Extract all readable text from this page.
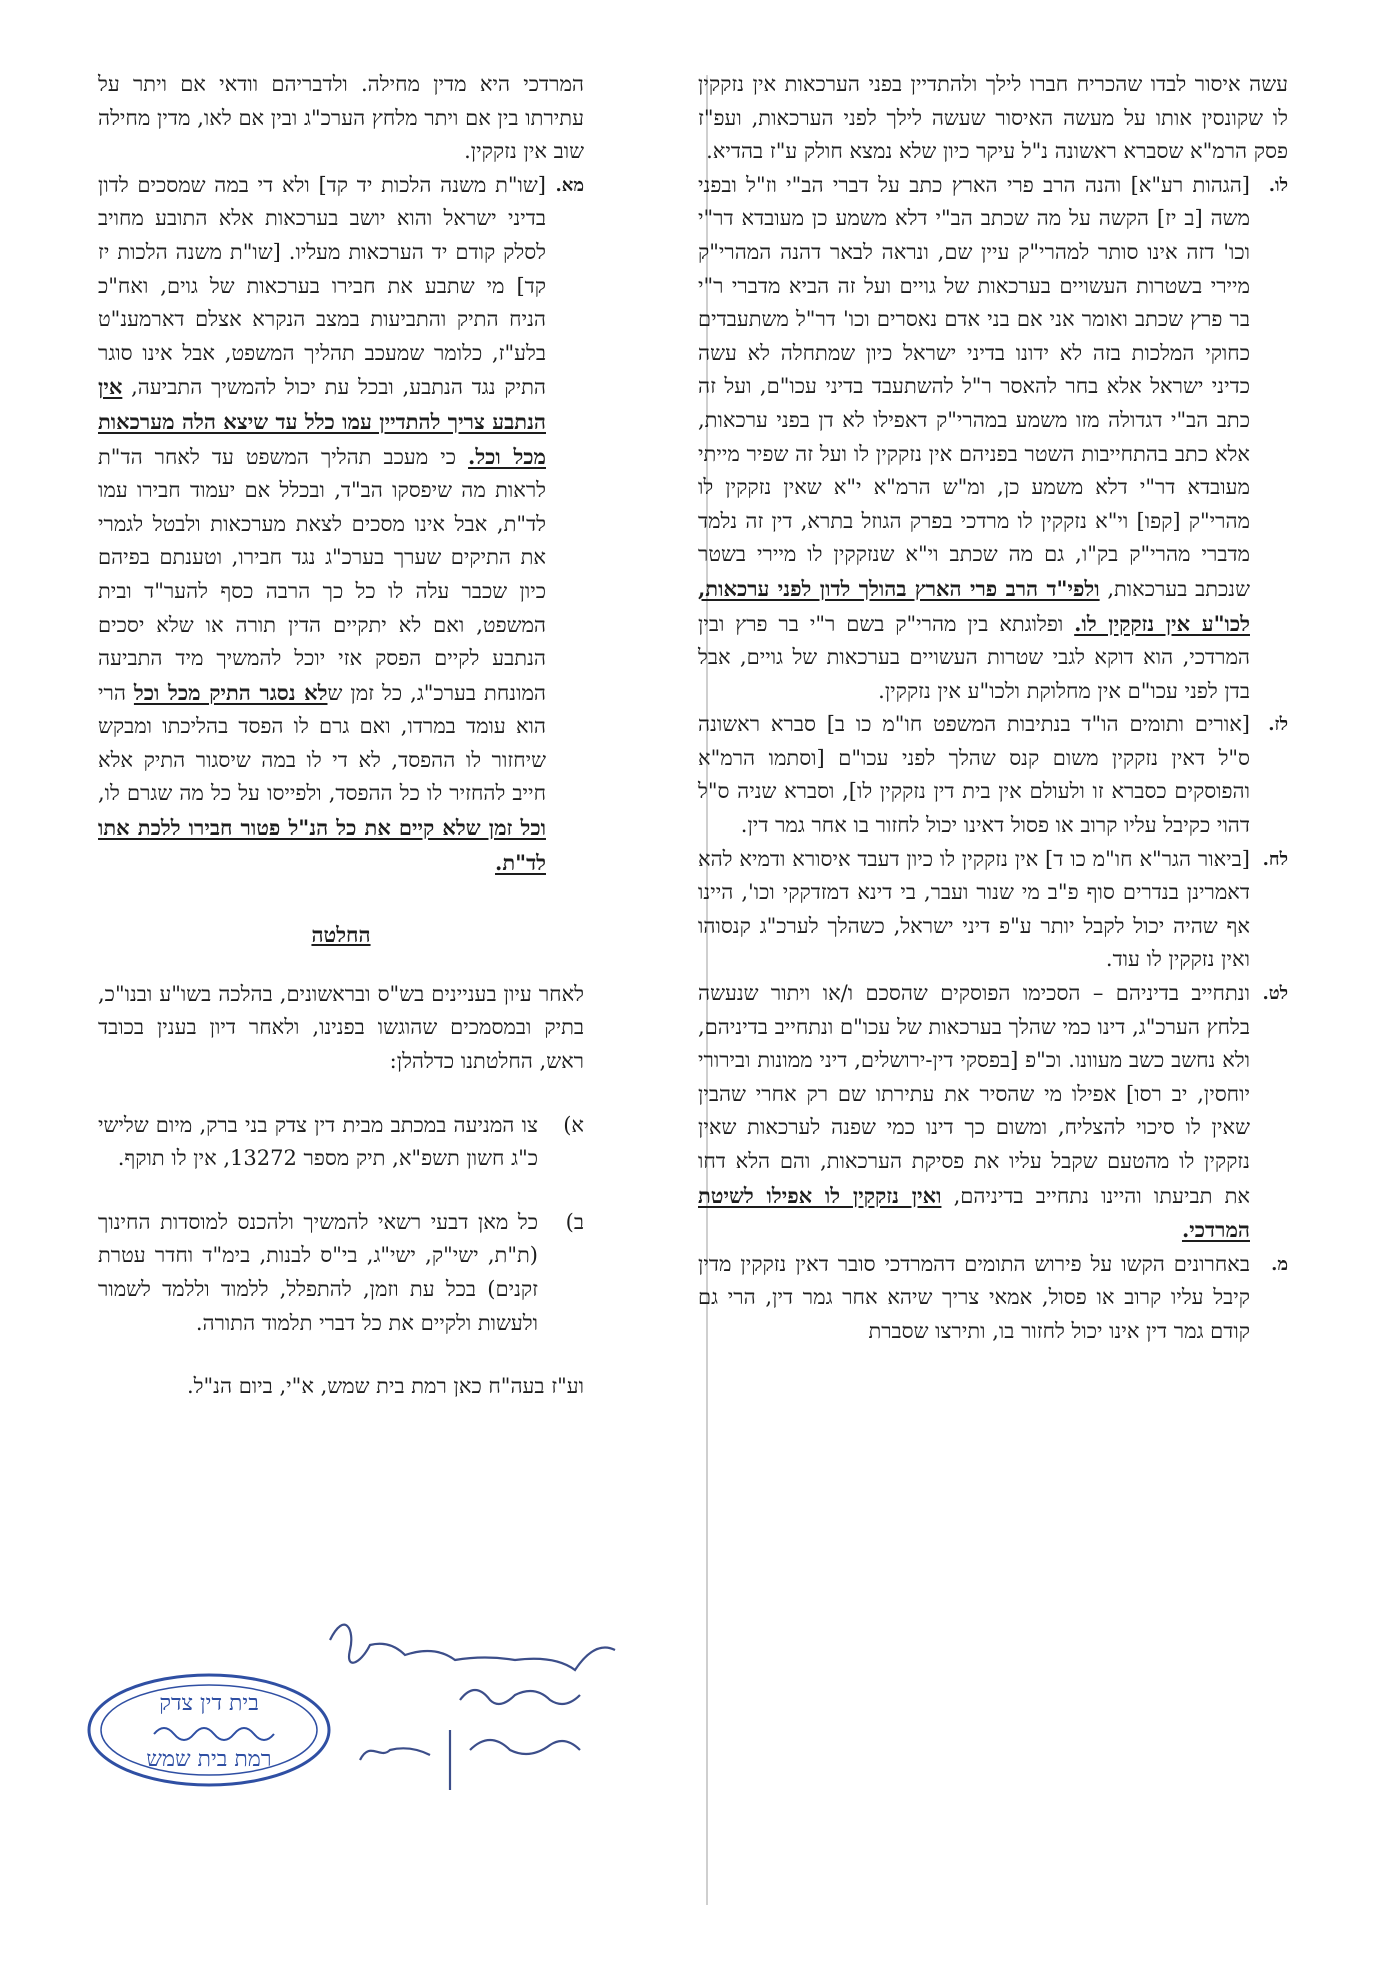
עשה איסור לבדו שהכריח חברו לילך ולהתדיין בפני הערכאות אין נזקקין לו שקונסין אותו על מעשה האיסור שעשה לילך לפני הערכאות, ועפ"ז פסק הרמ"א שסברא ראשונה נ"ל עיקר כיון שלא נמצא חולק ע"ז בהדיא.
לו.
[הגהות רע"א] והנה הרב פרי הארץ כתב על דברי הב"י וז"ל ובפני משה [ב יז] הקשה על מה שכתב הב"י דלא משמע כן מעובדא דר"י וכו' דזה אינו סותר למהרי"ק עיין שם, ונראה לבאר דהנה המהרי"ק מיירי בשטרות העשויים בערכאות של גויים ועל זה הביא מדברי ר"י בר פרץ שכתב ואומר אני אם בני אדם נאסרים וכו' דר"ל משתעבדים כחוקי המלכות בזה לא ידונו בדיני ישראל כיון שמתחלה לא עשה כדיני ישראל אלא בחר להאסר ר"ל להשתעבד בדיני עכו"ם, ועל זה כתב הב"י דגדולה מזו משמע במהרי"ק דאפילו לא דן בפני ערכאות, אלא כתב בהתחייבות השטר בפניהם אין נזקקין לו ועל זה שפיר מייתי מעובדא דר"י דלא משמע כן, ומ"ש הרמ"א י"א שאין נזקקין לו מהרי"ק [קפו] וי"א נזקקין לו מרדכי בפרק הגוזל בתרא, דין זה נלמד מדברי מהרי"ק בק"ו, גם מה שכתב וי"א שנזקקין לו מיירי בשטר שנכתב בערכאות, ולפי"ד הרב פרי הארץ בהולך לדון לפני ערכאות, לכו"ע אין נזקקין לו. ופלוגתא בין מהרי"ק בשם ר"י בר פרץ ובין המרדכי, הוא דוקא לגבי שטרות העשויים בערכאות של גויים, אבל בדן לפני עכו"ם אין מחלוקת ולכו"ע אין נזקקין.
לז.
[אורים ותומים הו"ד בנתיבות המשפט חו"מ כו ב] סברא ראשונה ס"ל דאין נזקקין משום קנס שהלך לפני עכו"ם [וסתמו הרמ"א והפוסקים כסברא זו ולעולם אין בית דין נזקקין לו], וסברא שניה ס"ל דהוי כקיבל עליו קרוב או פסול דאינו יכול לחזור בו אחר גמר דין.
לח.
[ביאור הגר"א חו"מ כו ד] אין נזקקין לו כיון דעבד איסורא ודמיא להא דאמרינן בנדרים סוף פ"ב מי שנור ועבר, בי דינא דמזדקקי וכו', היינו אף שהיה יכול לקבל יותר ע"פ דיני ישראל, כשהלך לערכ"ג קנסוהו ואין נזקקין לו עוד.
לט.
ונתחייב בדיניהם – הסכימו הפוסקים שהסכם ו/או ויתור שנעשה בלחץ הערכ"ג, דינו כמי שהלך בערכאות של עכו"ם ונתחייב בדיניהם, ולא נחשב כשב מעוונו. וכ"פ [בפסקי דין-ירושלים, דיני ממונות ובירורי יוחסין, יב רסו] אפילו מי שהסיר את עתירתו שם רק אחרי שהבין שאין לו סיכוי להצליח, ומשום כך דינו כמי שפנה לערכאות שאין נזקקין לו מהטעם שקבל עליו את פסיקת הערכאות, והם הלא דחו את תביעתו והיינו נתחייב בדיניהם, ואין נזקקין לו אפילו לשיטת המרדכי.
מ.
באחרונים הקשו על פירוש התומים דהמרדכי סובר דאין נזקקין מדין קיבל עליו קרוב או פסול, אמאי צריך שיהא אחר גמר דין, הרי גם קודם גמר דין אינו יכול לחזור בו, ותירצו שסברת
המרדכי היא מדין מחילה. ולדבריהם וודאי אם ויתר על עתירתו בין אם ויתר מלחץ הערכ"ג ובין אם לאו, מדין מחילה שוב אין נזקקין.
מא.
[שו"ת משנה הלכות יד קד] ולא די במה שמסכים לדון בדיני ישראל והוא יושב בערכאות אלא התובע מחויב לסלק קודם יד הערכאות מעליו. [שו"ת משנה הלכות יז קד] מי שתבע את חבירו בערכאות של גוים, ואח"כ הניח התיק והתביעות במצב הנקרא אצלם דארמענ"ט בלע"ז, כלומר שמעכב תהליך המשפט, אבל אינו סוגר התיק נגד הנתבע, ובכל עת יכול להמשיך התביעה, אין הנתבע צריך להתדיין עמו כלל עד שיצא הלה מערכאות מכל וכל. כי מעכב תהליך המשפט עד לאחר הד"ת לראות מה שיפסקו הב"ד, ובכלל אם יעמוד חבירו עמו לד"ת, אבל אינו מסכים לצאת מערכאות ולבטל לגמרי את התיקים שערך בערכ"ג נגד חבירו, וטענתם בפיהם כיון שכבר עלה לו כל כך הרבה כסף להער"ד ובית המשפט, ואם לא יתקיים הדין תורה או שלא יסכים הנתבע לקיים הפסק אזי יוכל להמשיך מיד התביעה המונחת בערכ"ג, כל זמן שלא נסגר התיק מכל וכל הרי הוא עומד במרדו, ואם גרם לו הפסד בהליכתו ומבקש שיחזור לו ההפסד, לא די לו במה שיסגור התיק אלא חייב להחזיר לו כל ההפסד, ולפייסו על כל מה שגרם לו, וכל זמן שלא קיים את כל הנ"ל פטור חבירו ללכת אתו לד"ת.
החלטה
לאחר עיון בעניינים בש"ס ובראשונים, בהלכה בשו"ע ובנו"כ, בתיק ובמסמכים שהוגשו בפנינו, ולאחר דיון בענין בכובד ראש, החלטתנו כדלהלן:
א)
צו המניעה במכתב מבית דין צדק בני ברק, מיום שלישי כ"ג חשון תשפ"א, תיק מספר 13272, אין לו תוקף.
ב)
כל מאן דבעי רשאי להמשיך ולהכנס למוסדות החינוך (ת"ת, ישי"ק, ישי"ג, בי"ס לבנות, בימ"ד וחדר עטרת זקנים) בכל עת וזמן, להתפלל, ללמוד וללמד לשמור ולעשות ולקיים את כל דברי תלמוד התורה.
וע"ז בעה"ח כאן רמת בית שמש, א"י, ביום הנ"ל.
בית דין צדק
רמת בית שמש
